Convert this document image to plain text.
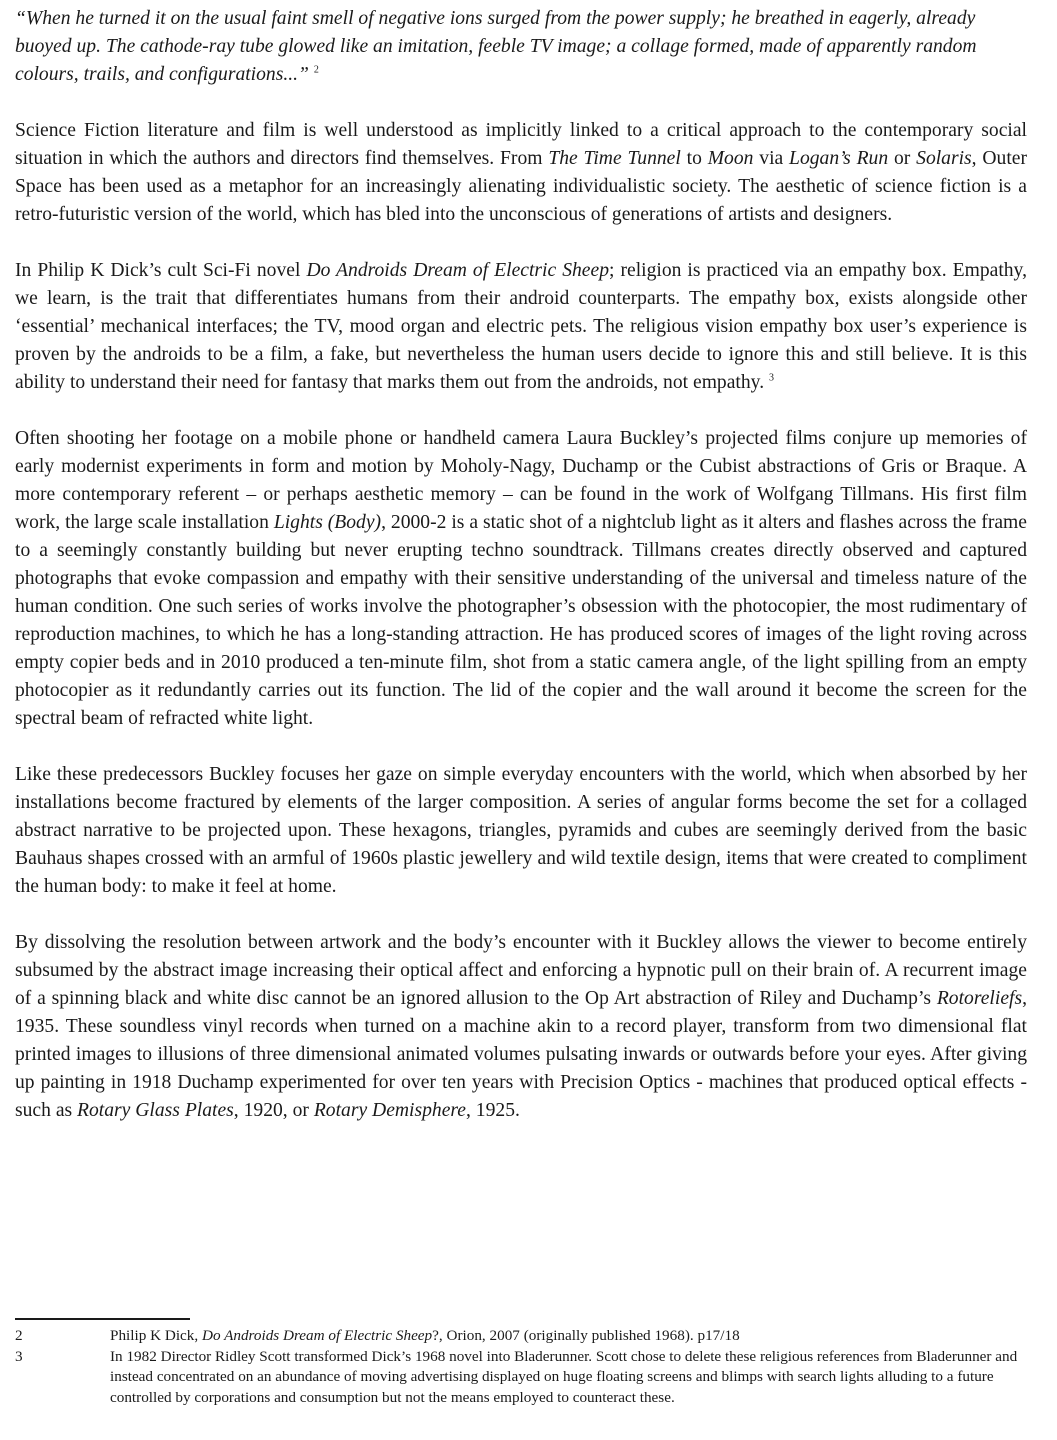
“When he turned it on the usual faint smell of negative ions surged from the power supply; he breathed in eagerly, already buoyed up. The cathode-ray tube glowed like an imitation, feeble TV image; a collage formed, made of apparently random colours, trails, and configurations...” $^2$

Science Fiction literature and film is well understood as implicitly linked to a critical approach to the contemporary social situation in which the authors and directors find themselves. From The Time Tunnel to Moon via Logan’s Run or Solaris, Outer Space has been used as a metaphor for an increasingly alienating individualistic society. The aesthetic of science fiction is a retro-futuristic version of the world, which has bled into the unconscious of generations of artists and designers.

In Philip K Dick’s cult Sci-Fi novel Do Androids Dream of Electric Sheep; religion is practiced via an empathy box. Empathy, we learn, is the trait that differentiates humans from their android counterparts. The empathy box, exists alongside other ‘essential’ mechanical interfaces; the TV, mood organ and electric pets. The religious vision empathy box user’s experience is proven by the androids to be a film, a fake, but nevertheless the human users decide to ignore this and still believe. It is this ability to understand their need for fantasy that marks them out from the androids, not empathy. $^3$

Often shooting her footage on a mobile phone or handheld camera Laura Buckley’s projected films conjure up memories of early modernist experiments in form and motion by Moholy-Nagy, Duchamp or the Cubist abstractions of Gris or Braque. A more contemporary referent – or perhaps aesthetic memory – can be found in the work of Wolfgang Tillmans. His first film work, the large scale installation Lights (Body), 2000-2 is a static shot of a nightclub light as it alters and flashes across the frame to a seemingly constantly building but never erupting techno soundtrack. Tillmans creates directly observed and captured photographs that evoke compassion and empathy with their sensitive understanding of the universal and timeless nature of the human condition. One such series of works involve the photographer’s obsession with the photocopier, the most rudimentary of reproduction machines, to which he has a long-standing attraction. He has produced scores of images of the light roving across empty copier beds and in 2010 produced a ten-minute film, shot from a static camera angle, of the light spilling from an empty photocopier as it redundantly carries out its function. The lid of the copier and the wall around it become the screen for the spectral beam of refracted white light.

Like these predecessors Buckley focuses her gaze on simple everyday encounters with the world, which when absorbed by her installations become fractured by elements of the larger composition. A series of angular forms become the set for a collaged abstract narrative to be projected upon. These hexagons, triangles, pyramids and cubes are seemingly derived from the basic Bauhaus shapes crossed with an armful of 1960s plastic jewellery and wild textile design, items that were created to compliment the human body: to make it feel at home.

By dissolving the resolution between artwork and the body’s encounter with it Buckley allows the viewer to become entirely subsumed by the abstract image increasing their optical affect and enforcing a hypnotic pull on their brain of. A recurrent image of a spinning black and white disc cannot be an ignored allusion to the Op Art abstraction of Riley and Duchamp’s Rotoreliefs, 1935. These soundless vinyl records when turned on a machine akin to a record player, transform from two dimensional flat printed images to illusions of three dimensional animated volumes pulsating inwards or outwards before your eyes. After giving up painting in 1918 Duchamp experimented for over ten years with Precision Optics - machines that produced optical effects - such as Rotary Glass Plates, 1920, or Rotary Demisphere, 1925.

2	Philip K Dick, Do Androids Dream of Electric Sheep?, Orion, 2007 (originally published 1968). p17/18
3	In 1982 Director Ridley Scott transformed Dick’s 1968 novel into Bladerunner. Scott chose to delete these religious references from Bladerunner and instead concentrated on an abundance of moving advertising displayed on huge floating screens and blimps with search lights alluding to a future controlled by corporations and consumption but not the means employed to counteract these.
